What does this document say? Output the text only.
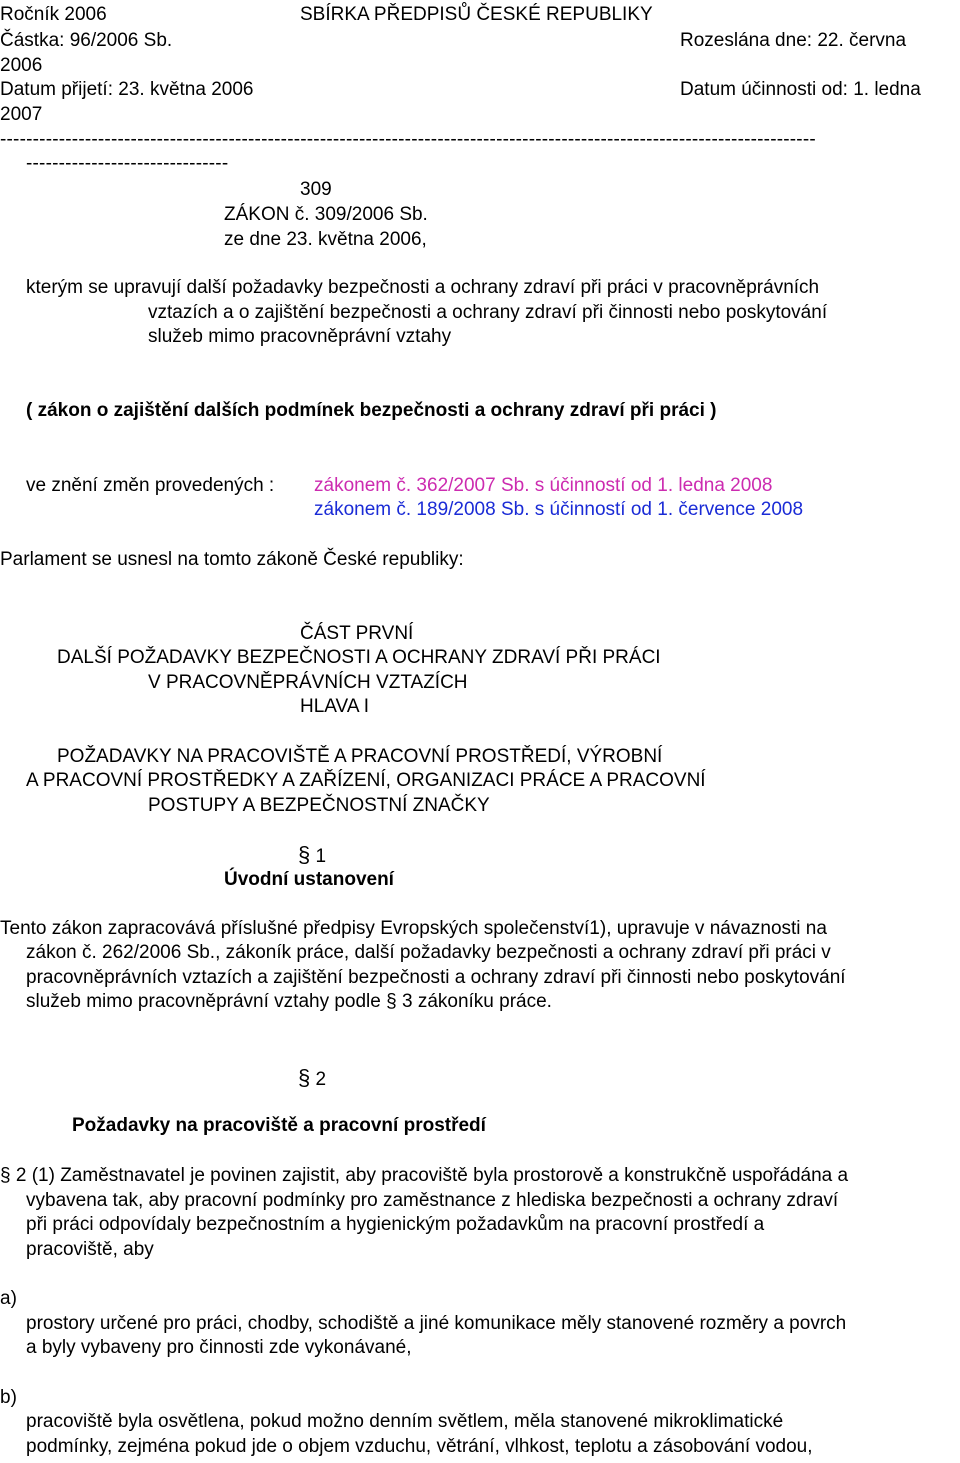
Ročník 2006	SBÍRKA PŘEDPISŮ ČESKÉ REPUBLIKY
Částka: 96/2006 Sb.	Rozeslána dne: 22. června
2006
Datum přijetí: 23. května 2006	Datum účinnosti od: 1. ledna
2007
-----------------------------------------------------------------------------------------------------------------------------
-------------------------------
309
ZÁKON č. 309/2006 Sb.
ze dne 23. května 2006,
kterým se upravují další požadavky bezpečnosti a ochrany zdraví při práci v pracovněprávních
vztazích a o zajištění bezpečnosti a ochrany zdraví při činnosti nebo poskytování
služeb mimo pracovněprávní vztahy
( zákon o zajištění dalších podmínek bezpečnosti a ochrany zdraví při práci )
ve znění změn provedených : zákonem č. 362/2007 Sb. s účinností od 1. ledna 2008
zákonem č. 189/2008 Sb. s účinností od 1. července 2008
Parlament se usnesl na tomto zákoně České republiky:
ČÁST PRVNÍ
DALŠÍ POŽADAVKY BEZPEČNOSTI A OCHRANY ZDRAVÍ PŘI PRÁCI
V PRACOVNĚPRÁVNÍCH VZTAZÍCH
HLAVA I
POŽADAVKY NA PRACOVIŠTĚ A PRACOVNÍ PROSTŘEDÍ, VÝROBNÍ
A PRACOVNÍ PROSTŘEDKY A ZAŘÍZENÍ, ORGANIZACI PRÁCE A PRACOVNÍ
POSTUPY A BEZPEČNOSTNÍ ZNAČKY
§ 1
Úvodní ustanovení
Tento zákon zapracovává příslušné předpisy Evropských společenství1), upravuje v návaznosti na
zákon č. 262/2006 Sb., zákoník práce, další požadavky bezpečnosti a ochrany zdraví při práci v
pracovněprávních vztazích a zajištění bezpečnosti a ochrany zdraví při činnosti nebo poskytování
služeb mimo pracovněprávní vztahy podle § 3 zákoníku práce.
§ 2
Požadavky na pracoviště a pracovní prostředí
§ 2 (1) Zaměstnavatel je povinen zajistit, aby pracoviště byla prostorově a konstrukčně uspořádána a
vybavena tak, aby pracovní podmínky pro zaměstnance z hlediska bezpečnosti a ochrany zdraví
při práci odpovídaly bezpečnostním a hygienickým požadavkům na pracovní prostředí a
pracoviště, aby
a)
prostory určené pro práci, chodby, schodiště a jiné komunikace měly stanovené rozměry a povrch
a byly vybaveny pro činnosti zde vykonávané,
b)
pracoviště byla osvětlena, pokud možno denním světlem, měla stanovené mikroklimatické
podmínky, zejména pokud jde o objem vzduchu, větrání, vlhkost, teplotu a zásobování vodou,
